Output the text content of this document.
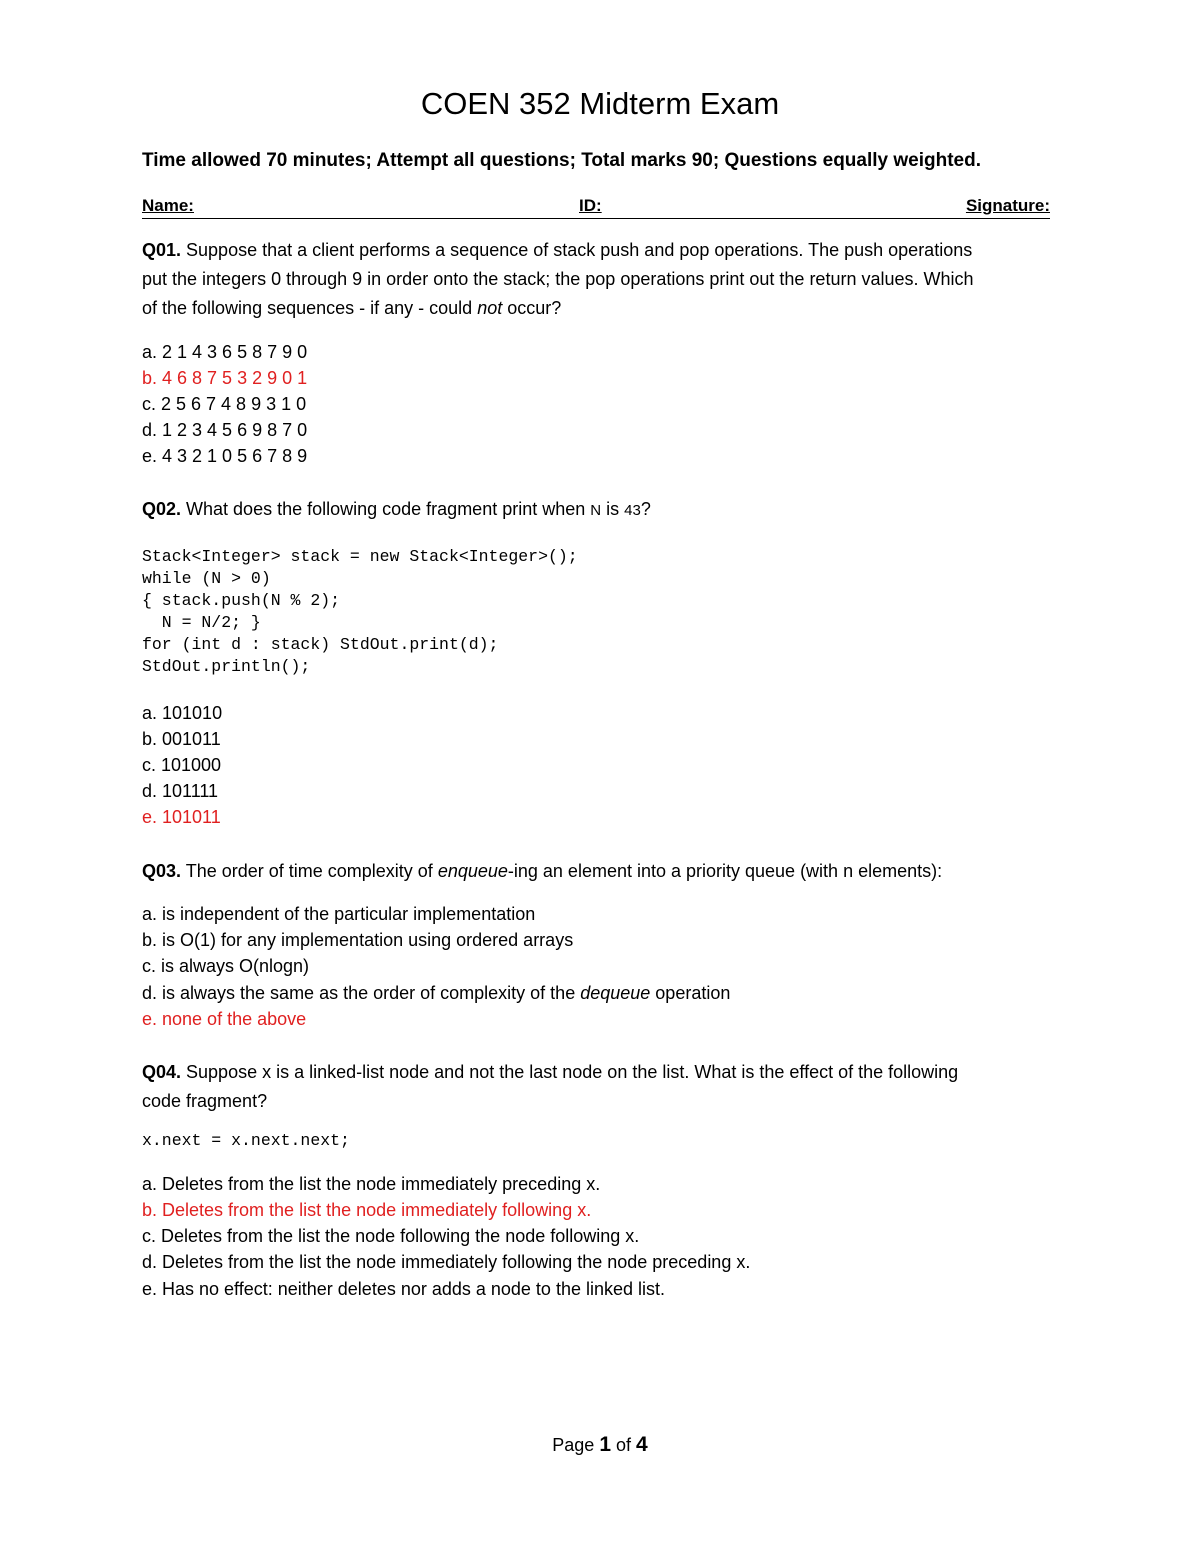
COEN 352 Midterm Exam
Time allowed 70 minutes; Attempt all questions; Total marks 90; Questions equally weighted.
Name:	ID:	Signature:
Q01. Suppose that a client performs a sequence of stack push and pop operations. The push operations
put the integers 0 through 9 in order onto the stack; the pop operations print out the return values. Which
of the following sequences - if any - could not occur?
a. 2 1 4 3 6 5 8 7 9 0
b. 4 6 8 7 5 3 2 9 0 1
c. 2 5 6 7 4 8 9 3 1 0
d. 1 2 3 4 5 6 9 8 7 0
e. 4 3 2 1 0 5 6 7 8 9
Q02. What does the following code fragment print when N is 43?
Stack<Integer> stack = new Stack<Integer>();
while (N > 0)
{ stack.push(N % 2);
N = N/2; }
for (int d : stack) StdOut.print(d);
StdOut.println();
a. 101010
b. 001011
c. 101000
d. 101111
e. 101011
Q03. The order of time complexity of enqueue-ing an element into a priority queue (with n elements):
a. is independent of the particular implementation
b. is O(1) for any implementation using ordered arrays
c. is always O(nlogn)
d. is always the same as the order of complexity of the dequeue operation
e. none of the above
Q04. Suppose x is a linked-list node and not the last node on the list. What is the effect of the following
code fragment?
x.next = x.next.next;
a. Deletes from the list the node immediately preceding x.
b. Deletes from the list the node immediately following x.
c. Deletes from the list the node following the node following x.
d. Deletes from the list the node immediately following the node preceding x.
e. Has no effect: neither deletes nor adds a node to the linked list.
Page 1 of 4
